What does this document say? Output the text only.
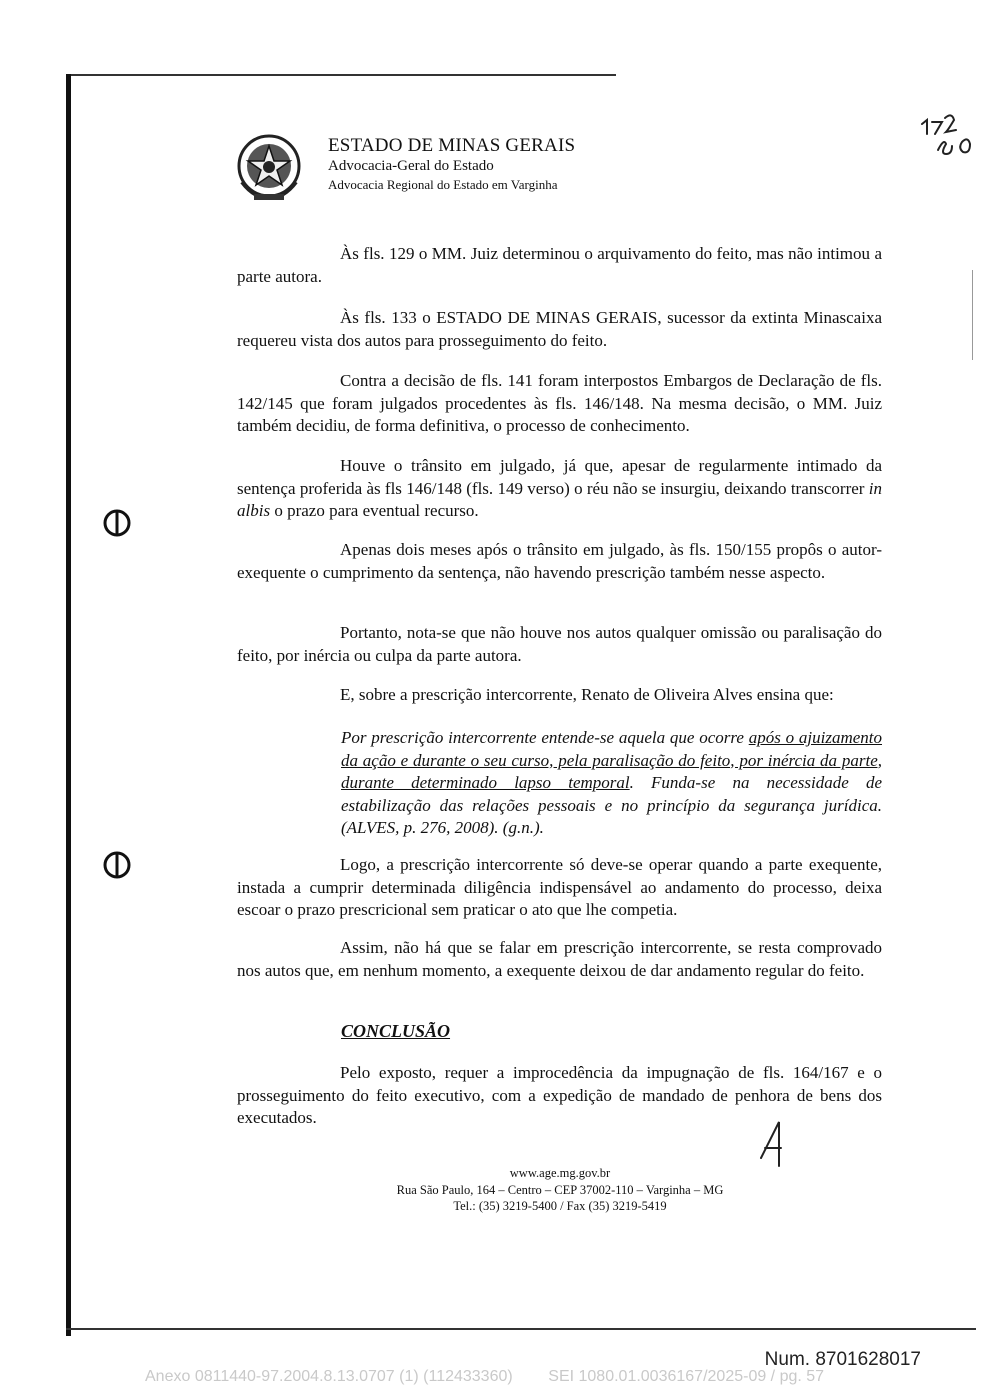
ESTADO DE MINAS GERAIS
Advocacia-Geral do Estado
Advocacia Regional do Estado em Varginha

Às fls. 129 o MM. Juiz determinou o arquivamento do feito, mas não intimou a parte autora.

Às fls. 133 o ESTADO DE MINAS GERAIS, sucessor da extinta Minascaixa requereu vista dos autos para prosseguimento do feito.

Contra a decisão de fls. 141 foram interpostos Embargos de Declaração de fls. 142/145 que foram julgados procedentes às fls. 146/148. Na mesma decisão, o MM. Juiz também decidiu, de forma definitiva, o processo de conhecimento.

Houve o trânsito em julgado, já que, apesar de regularmente intimado da sentença proferida às fls 146/148 (fls. 149 verso) o réu não se insurgiu, deixando transcorrer in albis o prazo para eventual recurso.

Apenas dois meses após o trânsito em julgado, às fls. 150/155 propôs o autor-exequente o cumprimento da sentença, não havendo prescrição também nesse aspecto.

Portanto, nota-se que não houve nos autos qualquer omissão ou paralisação do feito, por inércia ou culpa da parte autora.

E, sobre a prescrição intercorrente, Renato de Oliveira Alves ensina que:

Por prescrição intercorrente entende-se aquela que ocorre após o ajuizamento da ação e durante o seu curso, pela paralisação do feito, por inércia da parte, durante determinado lapso temporal. Funda-se na necessidade de estabilização das relações pessoais e no princípio da segurança jurídica. (ALVES, p. 276, 2008). (g.n.).

Logo, a prescrição intercorrente só deve-se operar quando a parte exequente, instada a cumprir determinada diligência indispensável ao andamento do processo, deixa escoar o prazo prescricional sem praticar o ato que lhe competia.

Assim, não há que se falar em prescrição intercorrente, se resta comprovado nos autos que, em nenhum momento, a exequente deixou de dar andamento regular do feito.

CONCLUSÃO

Pelo exposto, requer a improcedência da impugnação de fls. 164/167 e o prosseguimento do feito executivo, com a expedição de mandado de penhora de bens dos executados.

www.age.mg.gov.br
Rua São Paulo, 164 – Centro – CEP 37002-110 – Varginha – MG
Tel.: (35) 3219-5400 / Fax (35) 3219-5419
Num. 8701628017
Anexo 0811440-97.2004.8.13.0707 (1) (112433360)        SEI 1080.01.0036167/2025-09 / pg. 57
